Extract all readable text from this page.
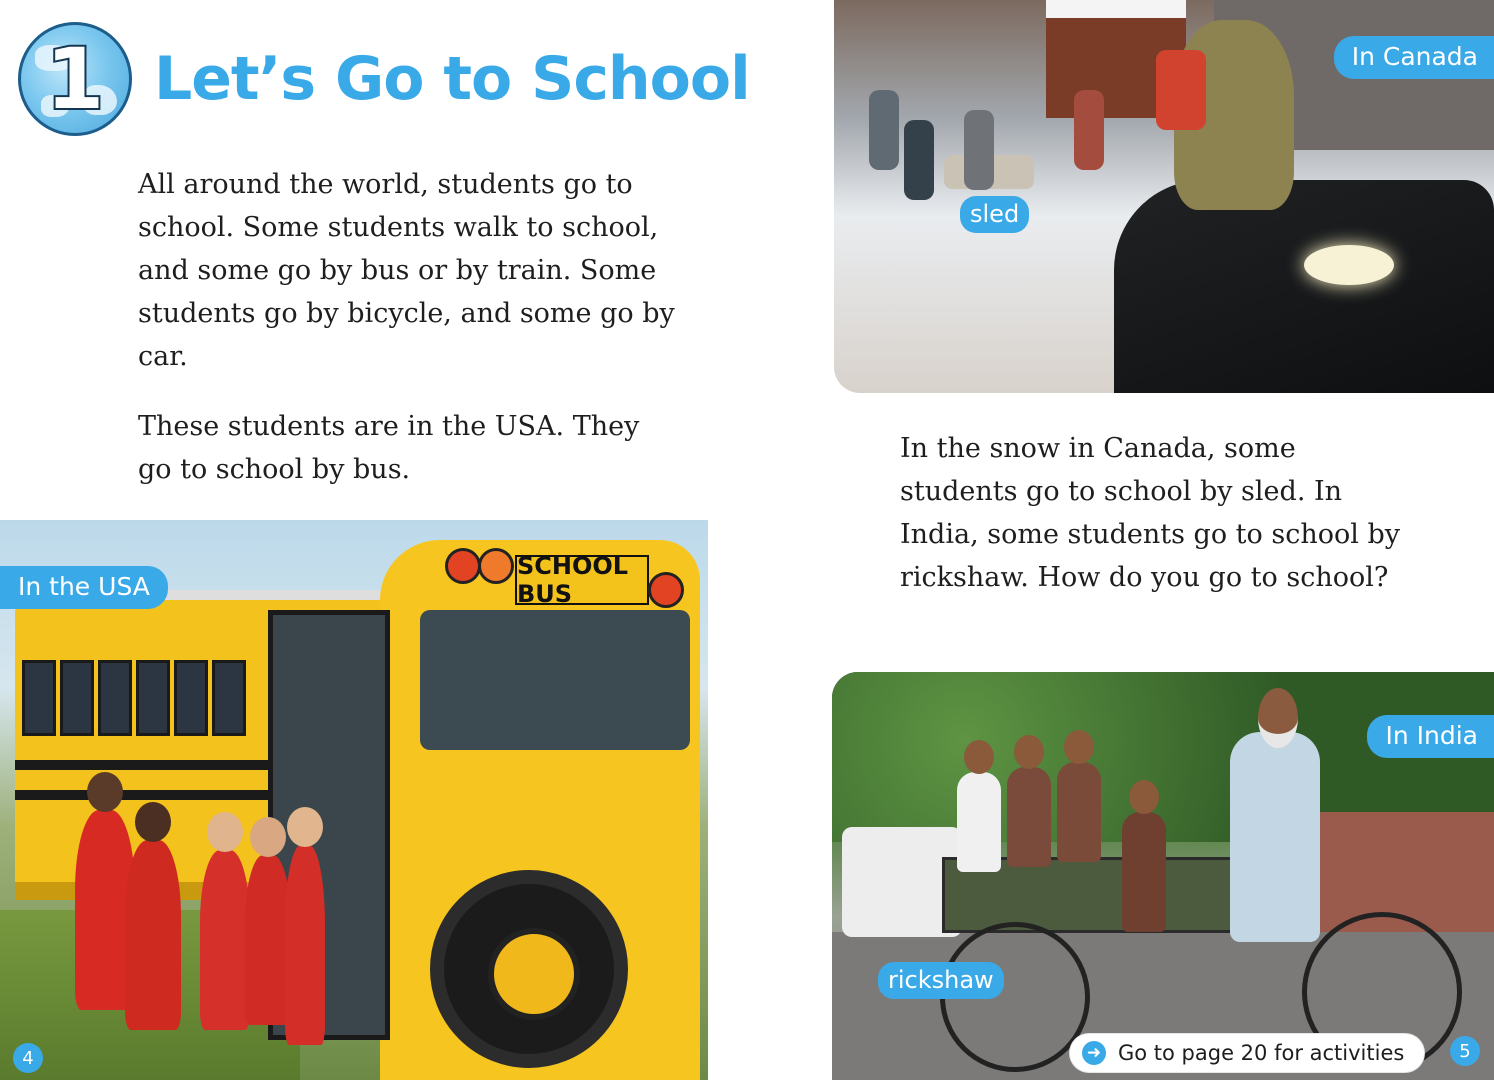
1 Let’s Go to School
All around the world, students go to school. Some students walk to school, and some go by bus or by train. Some students go by bicycle, and some go by car.
These students are in the USA. They go to school by bus.
SCHOOL BUS
In the USA
4
In Canada
sled
In the snow in Canada, some students go to school by sled. In India, some students go to school by rickshaw. How do you go to school?
In India
rickshaw
➜ Go to page 20 for activities	5
